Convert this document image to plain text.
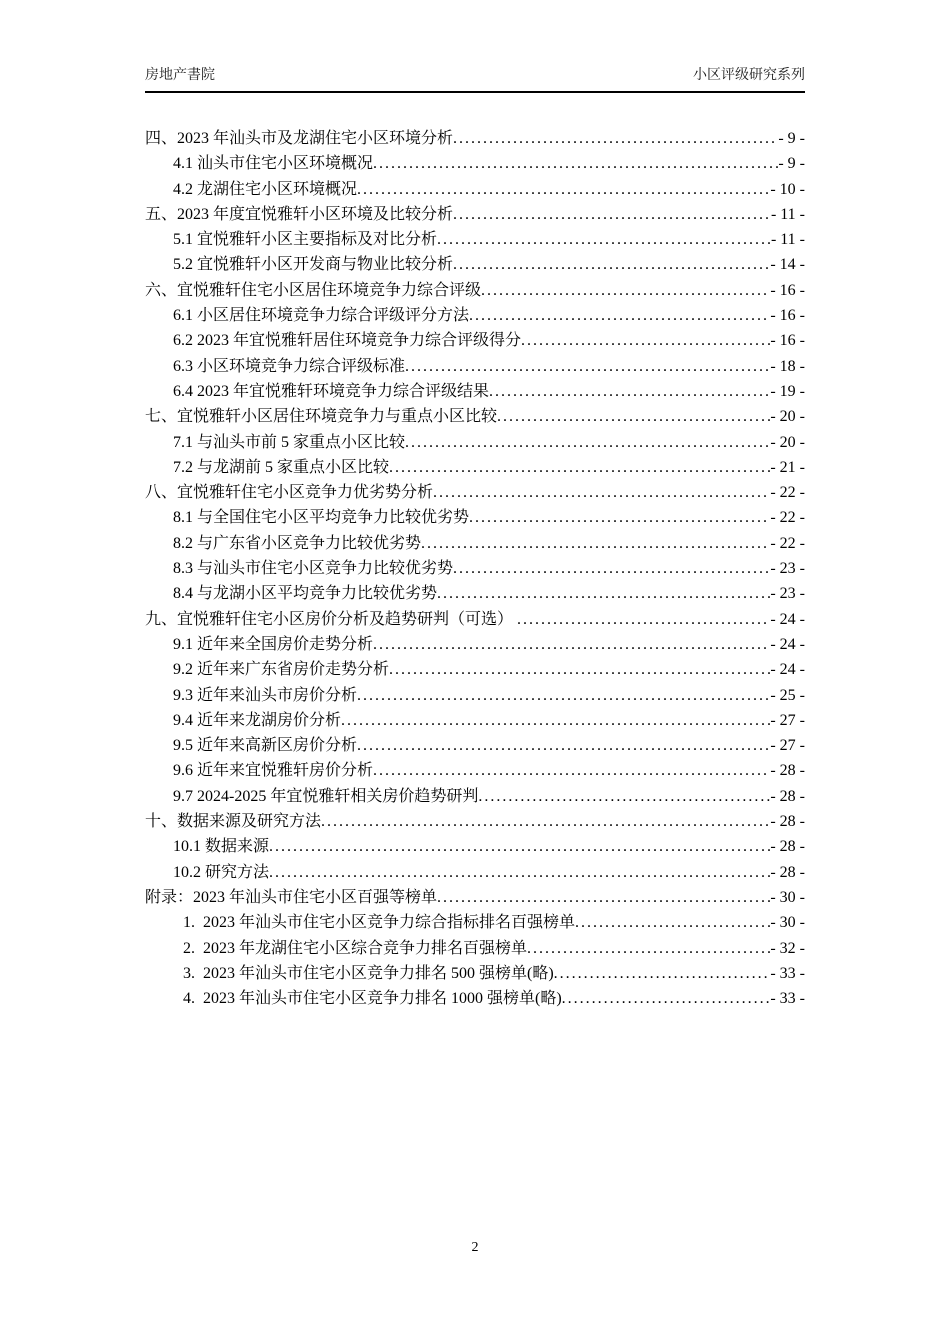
房地产書院	小区评级研究系列
四、2023 年汕头市及龙湖住宅小区环境分析 .....	- 9 -
4.1 汕头市住宅小区环境概况 .....	- 9 -
4.2 龙湖住宅小区环境概况 .....	- 10 -
五、2023 年度宜悦雅轩小区环境及比较分析 .....	- 11 -
5.1 宜悦雅轩小区主要指标及对比分析 .....	- 11 -
5.2 宜悦雅轩小区开发商与物业比较分析 .....	- 14 -
六、宜悦雅轩住宅小区居住环境竞争力综合评级 .....	- 16 -
6.1 小区居住环境竞争力综合评级评分方法 .....	- 16 -
6.2 2023 年宜悦雅轩居住环境竞争力综合评级得分 .....	- 16 -
6.3 小区环境竞争力综合评级标准 .....	- 18 -
6.4 2023 年宜悦雅轩环境竞争力综合评级结果 .....	- 19 -
七、宜悦雅轩小区居住环境竞争力与重点小区比较 .....	- 20 -
7.1 与汕头市前 5 家重点小区比较 .....	- 20 -
7.2 与龙湖前 5 家重点小区比较 .....	- 21 -
八、宜悦雅轩住宅小区竞争力优劣势分析 .....	- 22 -
8.1 与全国住宅小区平均竞争力比较优劣势 .....	- 22 -
8.2 与广东省小区竞争力比较优劣势 .....	- 22 -
8.3 与汕头市住宅小区竞争力比较优劣势 .....	- 23 -
8.4 与龙湖小区平均竞争力比较优劣势 .....	- 23 -
九、宜悦雅轩住宅小区房价分析及趋势研判（可选） .....	- 24 -
9.1 近年来全国房价走势分析 .....	- 24 -
9.2 近年来广东省房价走势分析 .....	- 24 -
9.3 近年来汕头市房价分析 .....	- 25 -
9.4 近年来龙湖房价分析 .....	- 27 -
9.5 近年来高新区房价分析 .....	- 27 -
9.6 近年来宜悦雅轩房价分析 .....	- 28 -
9.7 2024-2025 年宜悦雅轩相关房价趋势研判 .....	- 28 -
十、数据来源及研究方法 .....	- 28 -
10.1 数据来源 .....	- 28 -
10.2 研究方法 .....	- 28 -
附录：2023 年汕头市住宅小区百强等榜单 .....	- 30 -
1.  2023 年汕头市住宅小区竞争力综合指标排名百强榜单 .....	- 30 -
2.  2023 年龙湖住宅小区综合竞争力排名百强榜单 .....	- 32 -
3.  2023 年汕头市住宅小区竞争力排名 500 强榜单(略) .....	- 33 -
4.  2023 年汕头市住宅小区竞争力排名 1000 强榜单(略) .....	- 33 -
2
